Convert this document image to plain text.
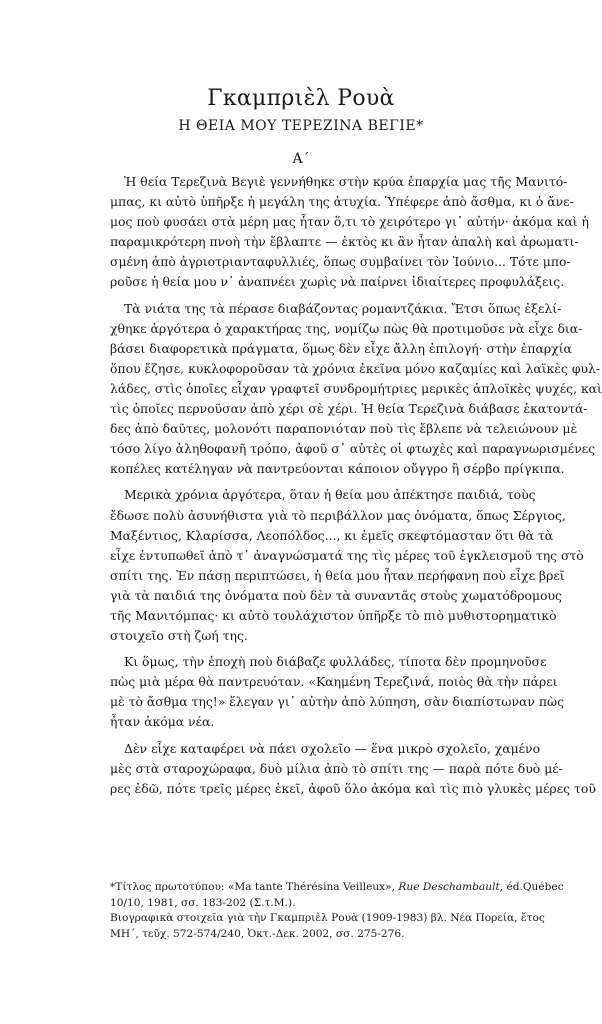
Γκαμπριὲλ Ρουὰ
Η ΘΕΙΑ ΜΟΥ ΤΕΡΕΖΙΝΑ ΒΕΓΙΕ*
Α΄
Ἡ θεία Τερεζινὰ Βεγιὲ γεννήθηκε στὴν κρύα ἐπαρχία μας τῆς Μανιτό-
μπας, κι αὐτὸ ὑπῆρξε ἡ μεγάλη της ἀτυχία. Ὑπέφερε ἀπὸ ἄσθμα, κι ὁ ἄνε-
μος ποὺ φυσάει στὰ μέρη μας ἦταν ὅ,τι τὸ χειρότερο γι᾿ αὐτήν· ἀκόμα καὶ ἡ
παραμικρότερη πνοὴ τὴν ἔβλαπτε — ἐκτὸς κι ἂν ἦταν ἁπαλὴ καὶ ἀρωματι-
σμένη ἀπὸ ἀγριοτριανταφυλλιές, ὅπως συμβαίνει τὸν Ἰούνιο... Τότε μπο-
ροῦσε ἡ θεία μου ν᾿ ἀναπνέει χωρὶς νὰ παίρνει ἰδιαίτερες προφυλάξεις.
Τὰ νιάτα της τὰ πέρασε διαβάζοντας ρομαντζάκια. Ἔτσι ὅπως ἐξελί-
χθηκε ἀργότερα ὁ χαρακτήρας της, νομίζω πὼς θὰ προτιμοῦσε νὰ εἶχε δια-
βάσει διαφορετικὰ πράγματα, ὅμως δὲν εἶχε ἄλλη ἐπιλογή· στὴν ἐπαρχία
ὅπου ἔζησε, κυκλοφοροῦσαν τὰ χρόνια ἐκεῖνα μόνο καζαμίες καὶ λαϊκὲς φυλ-
λάδες, στὶς ὁποῖες εἶχαν γραφτεῖ συνδρομήτριες μερικὲς ἁπλοϊκὲς ψυχές, καὶ
τὶς ὁποῖες περνοῦσαν ἀπὸ χέρι σὲ χέρι. Ἡ θεία Τερεζινὰ διάβασε ἑκατοντά-
δες ἀπὸ δαῦτες, μολονότι παραπονιόταν ποὺ τὶς ἔβλεπε νὰ τελειώνουν μὲ
τόσο λίγο ἀληθοφανῆ τρόπο, ἀφοῦ σ᾿ αὐτὲς οἱ φτωχὲς καὶ παραγνωρισμένες
κοπέλες κατέληγαν νὰ παντρεύονται κάποιον οὔγγρο ἢ σέρβο πρίγκιπα.
Μερικὰ χρόνια ἀργότερα, ὅταν ἡ θεία μου ἀπέκτησε παιδιά, τοὺς
ἔδωσε πολὺ ἀσυνήθιστα γιὰ τὸ περιβάλλον μας ὀνόματα, ὅπως Σέργιος,
Μαξέντιος, Κλαρίσσα, Λεοπόλδος..., κι ἐμεῖς σκεφτόμασταν ὅτι θὰ τὰ
εἶχε ἐντυπωθεῖ ἀπὸ τ᾿ ἀναγνώσματά της τὶς μέρες τοῦ ἐγκλεισμοῦ της στὸ
σπίτι της. Ἐν πάσῃ περιπτώσει, ἡ θεία μου ἦταν περήφανη ποὺ εἶχε βρεῖ
γιὰ τὰ παιδιά της ὀνόματα ποὺ δὲν τὰ συναντᾶς στοὺς χωματόδρομους
τῆς Μανιτόμπας· κι αὐτὸ τουλάχιστον ὑπῆρξε τὸ πιὸ μυθιστορηματικὸ
στοιχεῖο στὴ ζωή της.
Κι ὅμως, τὴν ἐποχὴ ποὺ διάβαζε φυλλάδες, τίποτα δὲν προμηνοῦσε
πὼς μιὰ μέρα θὰ παντρευόταν. «Καημένη Τερεζινά, ποιὸς θὰ τὴν πάρει
μὲ τὸ ἄσθμα της!» ἔλεγαν γι᾿ αὐτὴν ἀπὸ λύπηση, σὰν διαπίστωναν πὼς
ἦταν ἀκόμα νέα.
Δὲν εἶχε καταφέρει νὰ πάει σχολεῖο — ἕνα μικρὸ σχολεῖο, χαμένο
μὲς στὰ σταροχώραφα, δυὸ μίλια ἀπὸ τὸ σπίτι της — παρὰ πότε δυὸ μέ-
ρες ἐδῶ, πότε τρεῖς μέρες ἐκεῖ, ἀφοῦ ὅλο ἀκόμα καὶ τὶς πιὸ γλυκὲς μέρες τοῦ
*Τίτλος πρωτοτύπου: «Ma tante Thérésina Veilleux», Rue Deschambault, éd.Québec
10/10, 1981, σσ. 183-202 (Σ.τ.Μ.).
Βιογραφικὰ στοιχεῖα γιὰ τὴν Γκαμπριὲλ Ρουὰ (1909-1983) βλ. Νέα Πορεία, ἔτος
ΜΗ΄, τεῦχ. 572-574/240, Ὀκτ.-Δεκ. 2002, σσ. 275-276.
